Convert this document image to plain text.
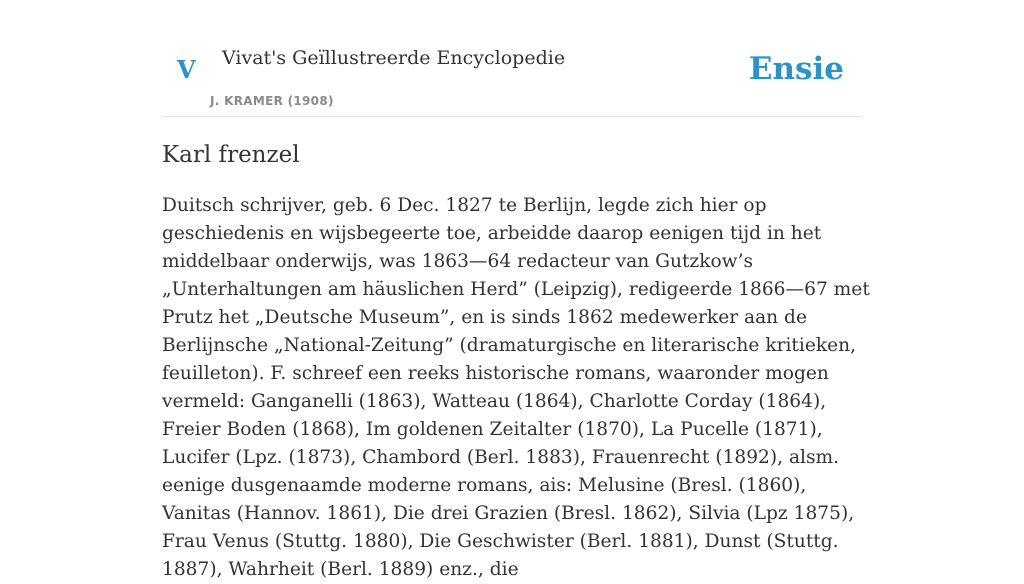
V Vivat's Geïllustreerde Encyclopedie
J. KRAMER (1908)
Ensie
Karl frenzel

Duitsch schrijver, geb. 6 Dec. 1827 te Berlijn, legde zich hier op geschiedenis en wijsbegeerte toe, arbeidde daarop eenigen tijd in het middelbaar onderwijs, was 1863—64 redacteur van Gutzkow’s „Unterhaltungen am häuslichen Herd” (Leipzig), redigeerde 1866—67 met Prutz het „Deutsche Museum”, en is sinds 1862 medewerker aan de Berlijnsche „National-Zeitung” (dramaturgische en literarische kritieken, feuilleton). F. schreef een reeks historische romans, waaronder mogen vermeld: Ganganelli (1863), Watteau (1864), Charlotte Corday (1864), Freier Boden (1868), Im goldenen Zeitalter (1870), La Pucelle (1871), Lucifer (Lpz. (1873), Chambord (Berl. 1883), Frauenrecht (1892), alsm. eenige dusgenaamde moderne romans, ais: Melusine (Bresl. (1860), Vanitas (Hannov. 1861), Die drei Grazien (Bresl. 1862), Silvia (Lpz 1875), Frau Venus (Stuttg. 1880), Die Geschwister (Berl. 1881), Dunst (Stuttg. 1887), Wahrheit (Berl. 1889) enz., die
